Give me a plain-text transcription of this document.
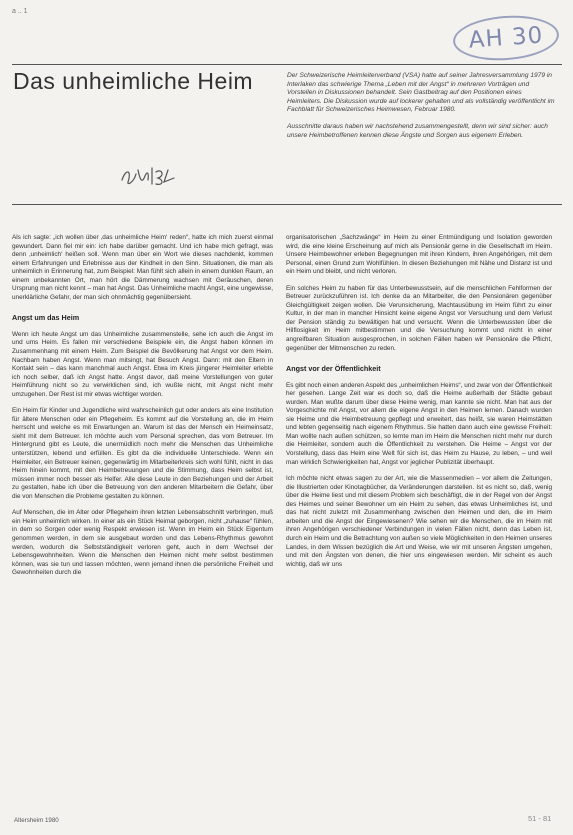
a .. 1
AH 30
Das unheimliche Heim	Der Schweizerische Heimleiterverband (VSA) hatte auf seiner Jahresversammlung 1979 in Interlaken das schwierige Thema „Leben mit der Angst“ in mehreren Vorträgen und Vorstellen in Diskussionen behandelt. Sein Gastbeitrag auf den Positionen eines Heimleiters. Die Diskussion wurde auf lockerer gehalten und als vollständig veröffentlicht im Fachblatt für Schweizerisches Heimwesen, Februar 1980.

Ausschnitte daraus haben wir nachstehend zusammengestellt, denn wir sind sicher: auch unsere Heimbetroffenen kennen diese Ängste und Sorgen aus eigenem Erleben.

Als ich sagte: „ich wollen über ‚das unheimliche Heim‘ reden“, hatte ich mich zuerst einmal gewundert. Dann fiel mir ein: ich habe darüber gemacht. Und ich habe mich gefragt, was denn ‚unheimlich‘ heißen soll. Wenn man über ein Wort wie dieses nachdenkt, kommen einem Erfahrungen und Erlebnisse aus der Kindheit in den Sinn. Situationen, die man als unheimlich in Erinnerung hat, zum Beispiel: Man fühlt sich allein in einem dunklen Raum, an einem unbekannten Ort, man hört die Dämmerung wachsen mit Geräuschen, deren Ursprung man nicht kennt – man hat Angst. Das Unheimliche macht Angst, eine ungewisse, unerklärliche Gefahr, der man sich ohnmächtig gegenübersieht.

Angst um das Heim

Wenn ich heute Angst um das Unheimliche zusammenstelle, sehe ich auch die Angst im und ums Heim. Es fallen mir verschiedene Beispiele ein, die Angst haben können im Zusammenhang mit einem Heim. Zum Beispiel die Bevölkerung hat Angst vor dem Heim. Nachbarn haben Angst. Wenn man mitsingt, hat Besuch Angst. Dann: mit den Eltern in Kontakt sein – das kann manchmal auch Angst. Etwa im Kreis jüngerer Heimleiter erlebte ich noch selber, daß ich Angst hatte. Angst davor, daß meine Vorstellungen von guter Heimführung nicht so zu verwirklichen sind, ich wußte nicht, mit Angst nicht mehr umzugehen. Der Rest ist mir etwas wichtiger worden.

Ein Heim für Kinder und Jugendliche wird wahrscheinlich gut oder anders als eine Institution für ältere Menschen oder ein Pflegeheim. Es kommt auf die Vorstellung an, die im Heim herrscht und welche es mit Erwartungen an. Warum ist das der Mensch ein Heimeinsatz, sieht mit dem Betreuer. Ich möchte auch vom Personal sprechen, das vom Betreuer. Im Hintergrund gibt es Leute, die unermüdlich noch mehr die Menschen das Unheimliche unterstützen, lebend und erfüllen. Es gibt da die individuelle Unterschiede. Wenn ein Heimleiter, ein Betreuer keinen, gegenwärtig im Mitarbeiterkreis sich wohl fühlt, nicht in das Heim hinein kommt, mit den Heimbetreuungen und die Stimmung, dass Heim selbst ist, müssen immer noch besser als Helfer. Alle diese Leute in den Beziehungen und der Arbeit zu gestalten, habe ich über die Betreuung von den anderen Mitarbeitern die Gefahr, über die von Menschen die Probleme gestalten zu können.

Auf Menschen, die im Alter oder Pflegeheim ihren letzten Lebensabschnitt verbringen, muß ein Heim unheimlich wirken. In einer als ein Stück Heimat geborgen, nicht „zuhause“ fühlen, in dem so Sorgen oder wenig Respekt erwiesen ist. Wenn im Heim ein Stück Eigentum genommen werden, in dem sie ausgebaut worden und das Lebens-Rhythmus gewohnt werden, wodurch die Selbstständigkeit verloren geht, auch in dem Wechsel der Lebensgewohnheiten. Wenn die Menschen den Heimen nicht mehr selbst bestimmen können, was sie tun und lassen möchten, wenn jemand ihnen die persönliche Freiheit und Gewohnheiten durch die

organisatorischen „Sachzwänge“ im Heim zu einer Entmündigung und Isolation geworden wird, die eine kleine Erscheinung auf mich als Pensionär gerne in die Gesellschaft im Heim. Unsere Heimbewohner erleben Begegnungen mit ihren Kindern, ihren Angehörigen, mit dem Personal, einen Grund zum Wohlfühlen. In diesen Beziehungen mit Nähe und Distanz ist und ein Heim und bleibt, und nicht verloren.

Ein solches Heim zu haben für das Unterbewusstsein, auf die menschlichen Fehlformen der Betreuer zurückzuführen ist. Ich denke da an Mitarbeiter, die den Pensionären gegenüber Gleichgültigkeit zeigen wollen. Die Verunsicherung, Machtausübung im Heim führt zu einer Kultur, in der man in mancher Hinsicht keine eigene Angst vor Versuchung und dem Verlust der Pension ständig zu bewältigen hat und versucht. Wenn die Unterbewussten über die Hilflosigkeit im Heim mitbestimmen und die Versuchung kommt und nicht in einer angreifbaren Situation ausgesprochen, in solchen Fällen haben wir Pensionäre die Pflicht, gegenüber der Mitmenschen zu reden.

Angst vor der Öffentlichkeit

Es gibt noch einen anderen Aspekt des „unheimlichen Heims“, und zwar von der Öffentlichkeit her gesehen. Lange Zeit war es doch so, daß die Heime außerhalb der Städte gebaut wurden. Man wußte darum über diese Heime wenig, man kannte sie nicht. Man hat aus der Vorgeschichte mit Angst, vor allem die eigene Angst in den Heimen lernen. Danach wurden sie Heime und die Heimbetreuung gepflegt und erweitert, das heißt, sie waren Heimstätten und lebten gegenseitig nach eigenem Rhythmus. Sie hatten dann auch eine gewisse Freiheit: Man wollte nach außen schützen, so lernte man im Heim die Menschen nicht mehr nur durch die Heimleiter, sondern auch die Öffentlichkeit zu verstehen. Die Heime – Angst vor der Vorstellung, dass das Heim eine Welt für sich ist, das Heim zu Hause, zu leben, – und weil man wirklich Schwierigkeiten hat, Angst vor jeglicher Publizität überhaupt.

Ich möchte nicht etwas sagen zu der Art, wie die Massenmedien – vor allem die Zeitungen, die Illustrierten oder Kinotagbücher, da Veränderungen darstellen. Ist es nicht so, daß, wenig über die Heime liest und mit diesem Problem sich beschäftigt, die in der Regel von der Angst des Heimes und seiner Bewohner um ein Heim zu sehen, das etwas Unheimliches ist, und das hat nicht zuletzt mit Zusammenhang zwischen den Heimen und den, die im Heim arbeiten und die Angst der Eingewiesenen? Wie sehen wir die Menschen, die im Heim mit ihren Angehörigen verschiedener Verbindungen in vielen Fällen nicht, denn das Leben ist, durch ein Heim und die Betrachtung von außen so viele Möglichkeiten in den Heimen unseres Landes, in dem Wissen bezüglich die Art und Weise, wie wir mit unseren Ängsten umgehen, und mit den Ängsten von denen, die hier uns eingewiesen werden. Mir scheint es auch wichtig, daß wir uns

Altersheim 1980	51 - 81
